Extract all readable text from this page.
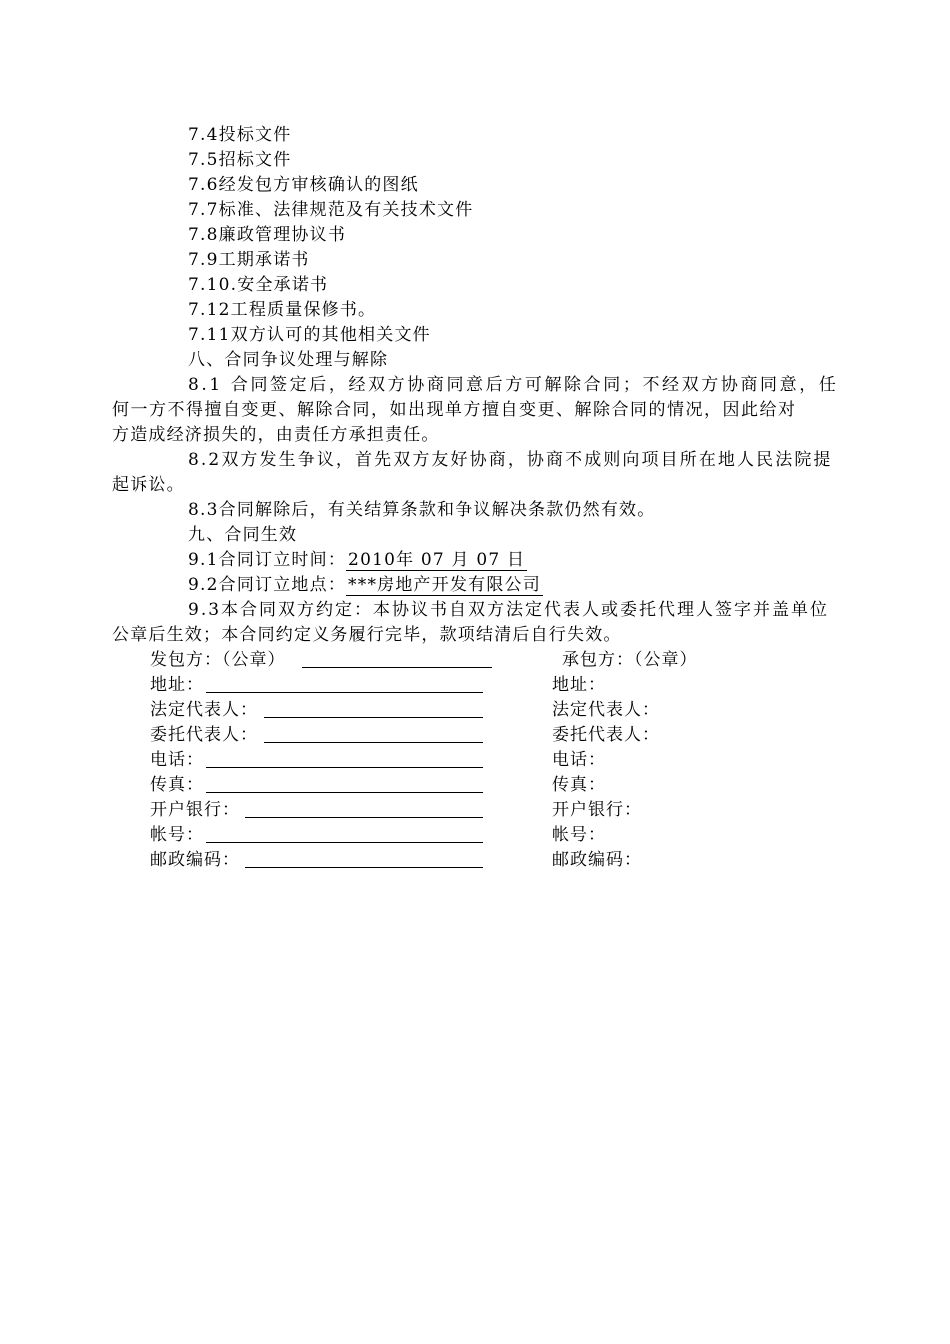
7.4投标文件
7.5招标文件
7.6经发包方审核确认的图纸
7.7标准、法律规范及有关技术文件
7.8廉政管理协议书
7.9工期承诺书
7.10.安全承诺书
7.12工程质量保修书。
7.11双方认可的其他相关文件
八、合同争议处理与解除
8.1 合同签定后，经双方协商同意后方可解除合同；不经双方协商同意，任
何一方不得擅自变更、解除合同，如出现单方擅自变更、解除合同的情况，因此给对
方造成经济损失的，由责任方承担责任。
8.2双方发生争议，首先双方友好协商，协商不成则向项目所在地人民法院提
起诉讼。
8.3合同解除后，有关结算条款和争议解决条款仍然有效。
九、合同生效
9.1合同订立时间： 2010年 07 月 07 日
9.2合同订立地点： ***房地产开发有限公司
9.3本合同双方约定：本协议书自双方法定代表人或委托代理人签字并盖单位
公章后生效；本合同约定义务履行完毕，款项结清后自行失效。
发包方：（公章）
地址：
法定代表人：
委托代表人：
电话：
传真：
开户银行：
帐号：
邮政编码：
承包方：（公章）
地址：
法定代表人：
委托代表人：
电话：
传真：
开户银行：
帐号：
邮政编码：
